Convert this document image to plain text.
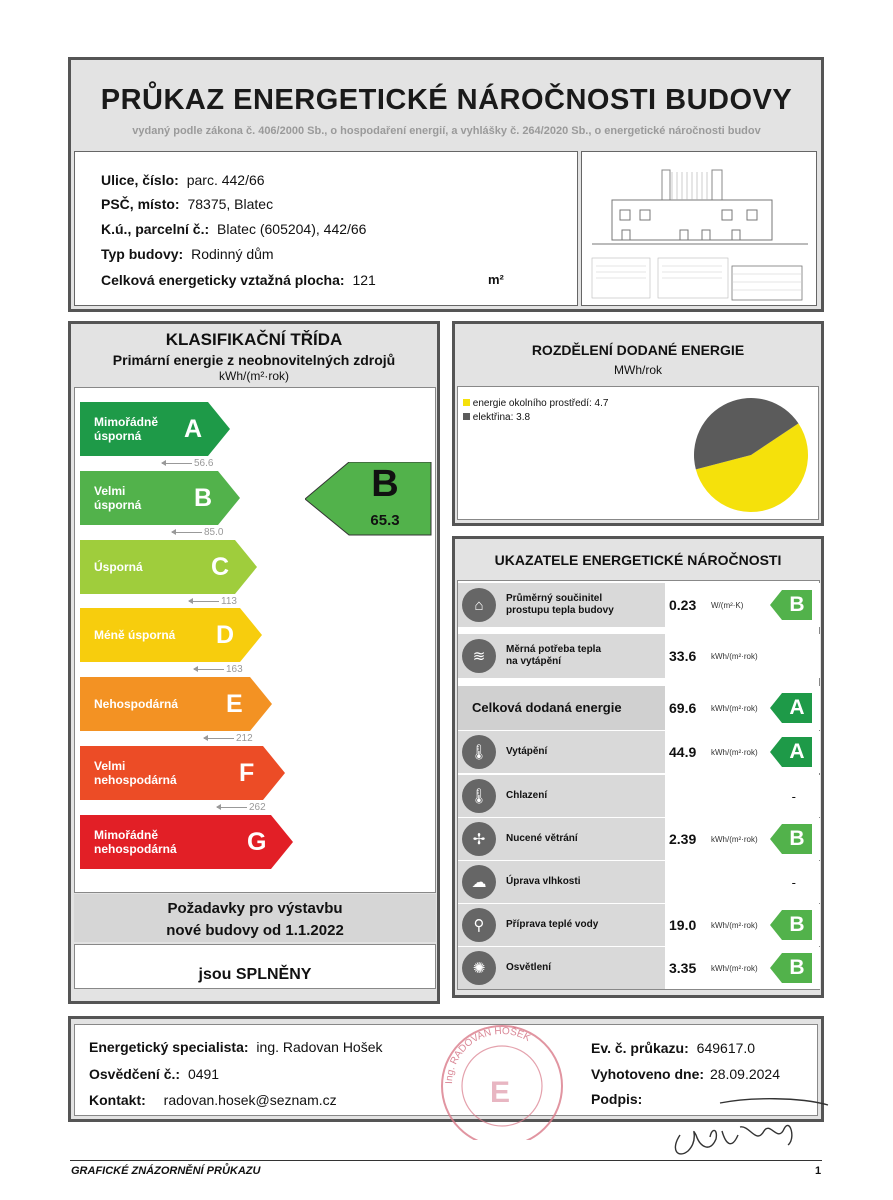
PRŮKAZ ENERGETICKÉ NÁROČNOSTI BUDOVY
vydaný podle zákona č. 406/2000 Sb., o hospodaření energií, a vyhlášky č. 264/2020 Sb., o energetické náročnosti budov
Ulice, číslo: parc. 442/66
PSČ, místo: 78375, Blatec
K.ú., parcelní č.: Blatec (605204), 442/66
Typ budovy: Rodinný dům
Celková energeticky vztažná plocha: 121	m²
KLASIFIKAČNÍ TŘÍDA
Primární energie z neobnovitelných zdrojů
kWh/(m²·rok)
Mimořádně
úsporná	A
56.6
Velmi
úsporná B
85.0
Úsporná	C
113
Méně úsporná D
163
Nehospodárná E
212
Velmi
nehospodárná F
262
Mimořádně
nehospodárná	G
B
65.3
Požadavky pro výstavbu
nové budovy od 1.1.2022
jsou SPLNĚNY
ROZDĚLENÍ DODANÉ ENERGIE
MWh/rok
energie okolního prostředí: 4.7
elektřina: 3.8
UKAZATELE ENERGETICKÉ NÁROČNOSTI
⌂	Průměrný součinitel
prostupu tepla budovy	0.23 W/(m²·K)	B
≋	Měrná potřeba tepla
na vytápění	33.6 kWh/(m²·rok)
Celková dodaná energie	69.6 kWh/(m²·rok)	A
🌡	Vytápění	44.9 kWh/(m²·rok)	A
🌡	Chlazení	-
✢	Nucené větrání	2.39 kWh/(m²·rok)	B
☁	Úprava vlhkosti	-
⚲	Příprava teplé vody	19.0 kWh/(m²·rok)	B
✺	Osvětlení	3.35 kWh/(m²·rok)	B
Ing. RADOVAN HOŠEK
E
Energetický specialista: ing. Radovan Hošek
Osvědčení č.: 0491
Kontakt: radovan.hosek@seznam.cz
Ev. č. průkazu: 649617.0
Vyhotoveno dne: 28.09.2024
Podpis:
GRAFICKÉ ZNÁZORNĚNÍ PRŮKAZU	1
